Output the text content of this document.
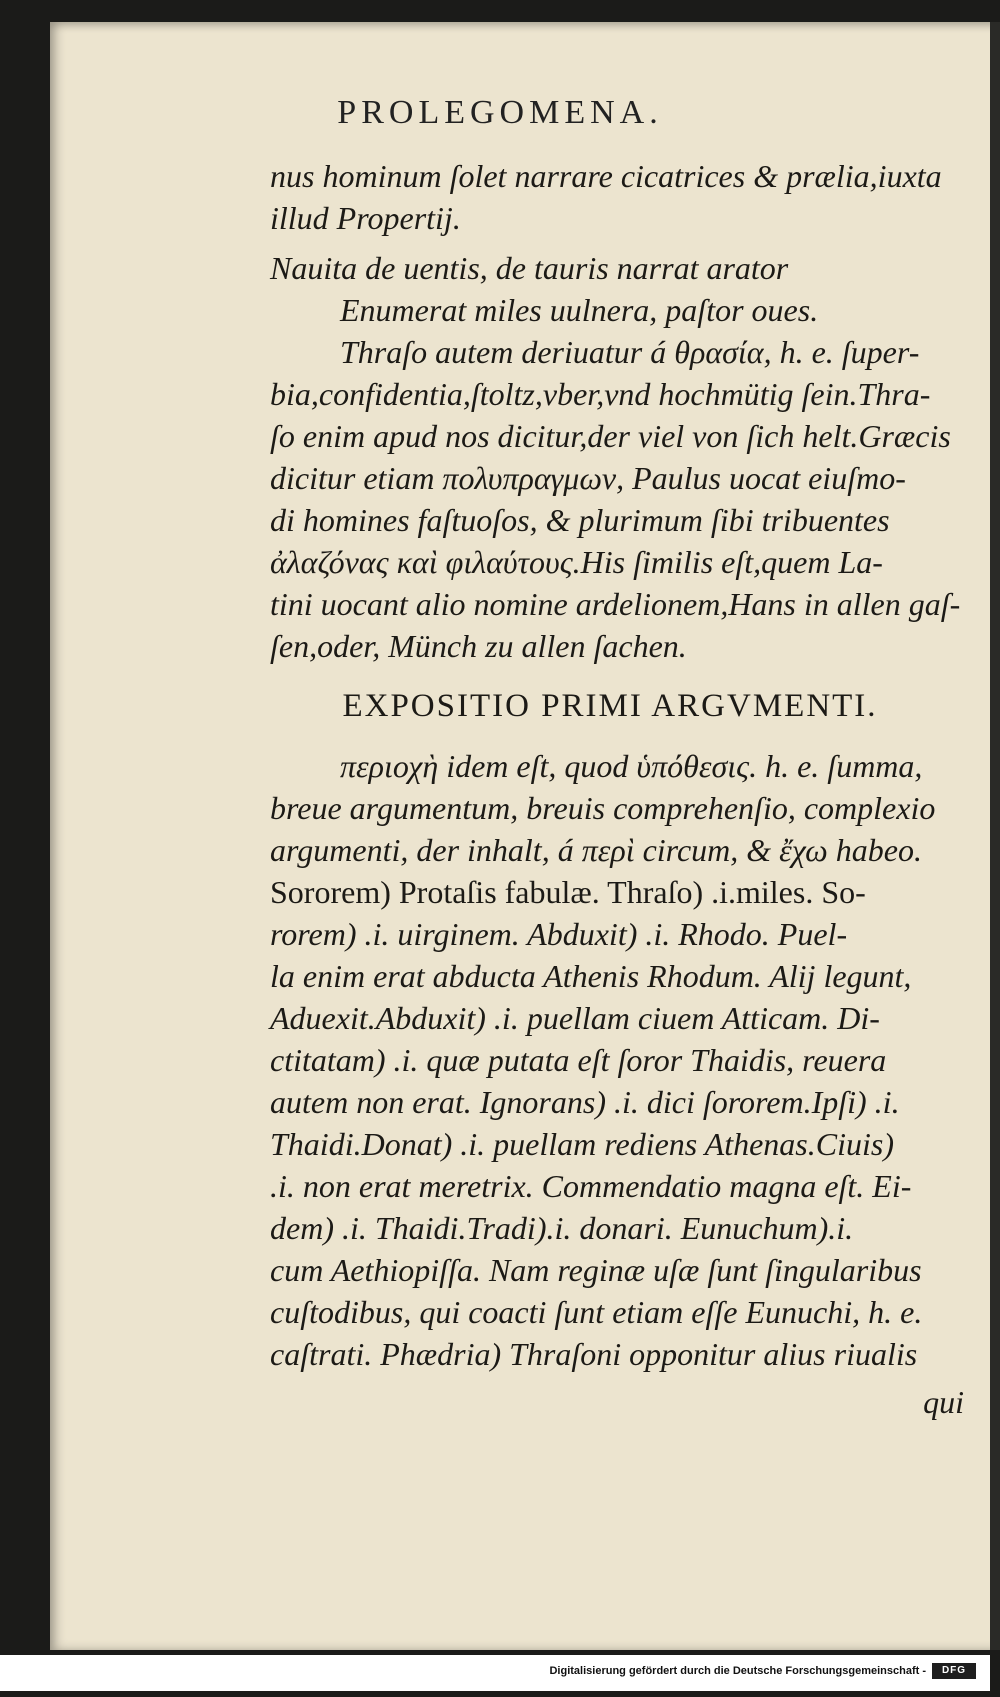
PROLEGOMENA.
nus hominum ſolet narrare cicatrices & prælia,iuxta
illud Propertij.
Nauita de uentis, de tauris narrat arator
Enumerat miles uulnera, paſtor oues.
Thraſo autem deriuatur á θρασία, h. e. ſuper-
bia,confidentia,ſtoltz,vber,vnd hochmütig ſein.Thra-
ſo enim apud nos dicitur,der viel von ſich helt.Græcis
dicitur etiam πολυπραγμων, Paulus uocat eiuſmo-
di homines faſtuoſos, & plurimum ſibi tribuentes
ἀλαζόνας καὶ φιλαύτους.His ſimilis eſt,quem La-
tini uocant alio nomine ardelionem,Hans in allen gaſ-
ſen,oder, Münch zu allen ſachen.
EXPOSITIO PRIMI ARGVMENTI.
περιοχὴ idem eſt, quod ὑπόθεσις. h. e. ſumma,
breue argumentum, breuis comprehenſio, complexio
argumenti, der inhalt, á περὶ circum, & ἔχω habeo.
Sororem) Protaſis fabulæ. Thraſo) .i.miles. So-
rorem) .i. uirginem. Abduxit) .i. Rhodo. Puel-
la enim erat abducta Athenis Rhodum. Alij legunt,
Aduexit.Abduxit) .i. puellam ciuem Atticam. Di-
ctitatam) .i. quæ putata eſt ſoror Thaidis, reuera
autem non erat. Ignorans) .i. dici ſororem.Ipſi) .i.
Thaidi.Donat) .i. puellam rediens Athenas.Ciuis)
.i. non erat meretrix. Commendatio magna eſt. Ei-
dem) .i. Thaidi.Tradi).i. donari. Eunuchum).i.
cum Aethiopiſſa. Nam reginæ uſæ ſunt ſingularibus
cuſtodibus, qui coacti ſunt etiam eſſe Eunuchi, h. e.
caſtrati. Phædria) Thraſoni opponitur alius riualis
qui
Digitalisierung gefördert durch die Deutsche Forschungsgemeinschaft -	DFG
